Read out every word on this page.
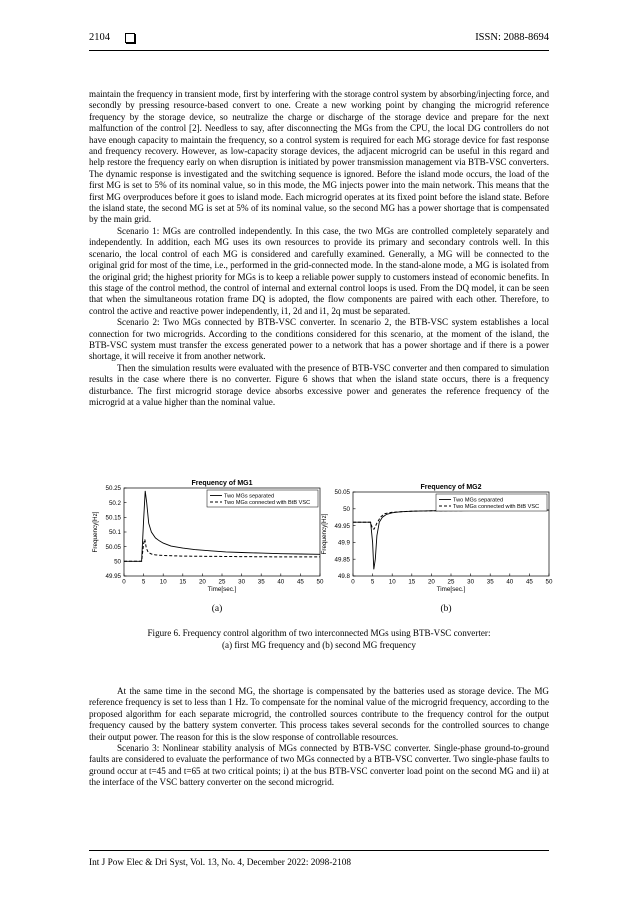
2104	ISSN: 2088-8694

maintain the frequency in transient mode, first by interfering with the storage control system by absorbing/injecting force, and secondly by pressing resource-based convert to one. Create a new working point by changing the microgrid reference frequency by the storage device, so neutralize the charge or discharge of the storage device and prepare for the next malfunction of the control [2]. Needless to say, after disconnecting the MGs from the CPU, the local DG controllers do not have enough capacity to maintain the frequency, so a control system is required for each MG storage device for fast response and frequency recovery. However, as low-capacity storage devices, the adjacent microgrid can be useful in this regard and help restore the frequency early on when disruption is initiated by power transmission management via BTB-VSC converters. The dynamic response is investigated and the switching sequence is ignored. Before the island mode occurs, the load of the first MG is set to 5% of its nominal value, so in this mode, the MG injects power into the main network. This means that the first MG overproduces before it goes to island mode. Each microgrid operates at its fixed point before the island state. Before the island state, the second MG is set at 5% of its nominal value, so the second MG has a power shortage that is compensated by the main grid.

Scenario 1: MGs are controlled independently. In this case, the two MGs are controlled completely separately and independently. In addition, each MG uses its own resources to provide its primary and secondary controls well. In this scenario, the local control of each MG is considered and carefully examined. Generally, a MG will be connected to the original grid for most of the time, i.e., performed in the grid-connected mode. In the stand-alone mode, a MG is isolated from the original grid; the highest priority for MGs is to keep a reliable power supply to customers instead of economic benefits. In this stage of the control method, the control of internal and external control loops is used. From the DQ model, it can be seen that when the simultaneous rotation frame DQ is adopted, the flow components are paired with each other. Therefore, to control the active and reactive power independently, i1, 2d and i1, 2q must be separated.

Scenario 2: Two MGs connected by BTB-VSC converter. In scenario 2, the BTB-VSC system establishes a local connection for two microgrids. According to the conditions considered for this scenario, at the moment of the island, the BTB-VSC system must transfer the excess generated power to a network that has a power shortage and if there is a power shortage, it will receive it from another network.

Then the simulation results were evaluated with the presence of BTB-VSC converter and then compared to simulation results in the case where there is no converter. Figure 6 shows that when the island state occurs, there is a frequency disturbance. The first microgrid storage device absorbs excessive power and generates the reference frequency of the microgrid at a value higher than the nominal value.

Frequency of MG1
0	5 10 15 20 25 30 35 40 45 50
50.25
50.2
50.15
50.1
50.05
50
49.95
Time[sec.]
Frequency[Hz]
Two MGs separated
Two MGs connected with BtB VSC
(a)
Frequency of MG2
0	5 10 15 20 25 30 35 40 45 50
50.05
50
49.95
49.9
49.85
49.8
Time[sec.]
Frequency[Hz]
Two MGs separated
Two MGs connected with BtB VSC
(b)
Figure 6. Frequency control algorithm of two interconnected MGs using BTB-VSC converter:
(a) first MG frequency and (b) second MG frequency

At the same time in the second MG, the shortage is compensated by the batteries used as storage device. The MG reference frequency is set to less than 1 Hz. To compensate for the nominal value of the microgrid frequency, according to the proposed algorithm for each separate microgrid, the controlled sources contribute to the frequency control for the output frequency caused by the battery system converter. This process takes several seconds for the controlled sources to change their output power. The reason for this is the slow response of controllable resources.

Scenario 3: Nonlinear stability analysis of MGs connected by BTB-VSC converter. Single-phase ground-to-ground faults are considered to evaluate the performance of two MGs connected by a BTB-VSC converter. Two single-phase faults to ground occur at t=45 and t=65 at two critical points; i) at the bus BTB-VSC converter load point on the second MG and ii) at the interface of the VSC battery converter on the second microgrid.

Int J Pow Elec & Dri Syst, Vol. 13, No. 4, December 2022: 2098-2108
